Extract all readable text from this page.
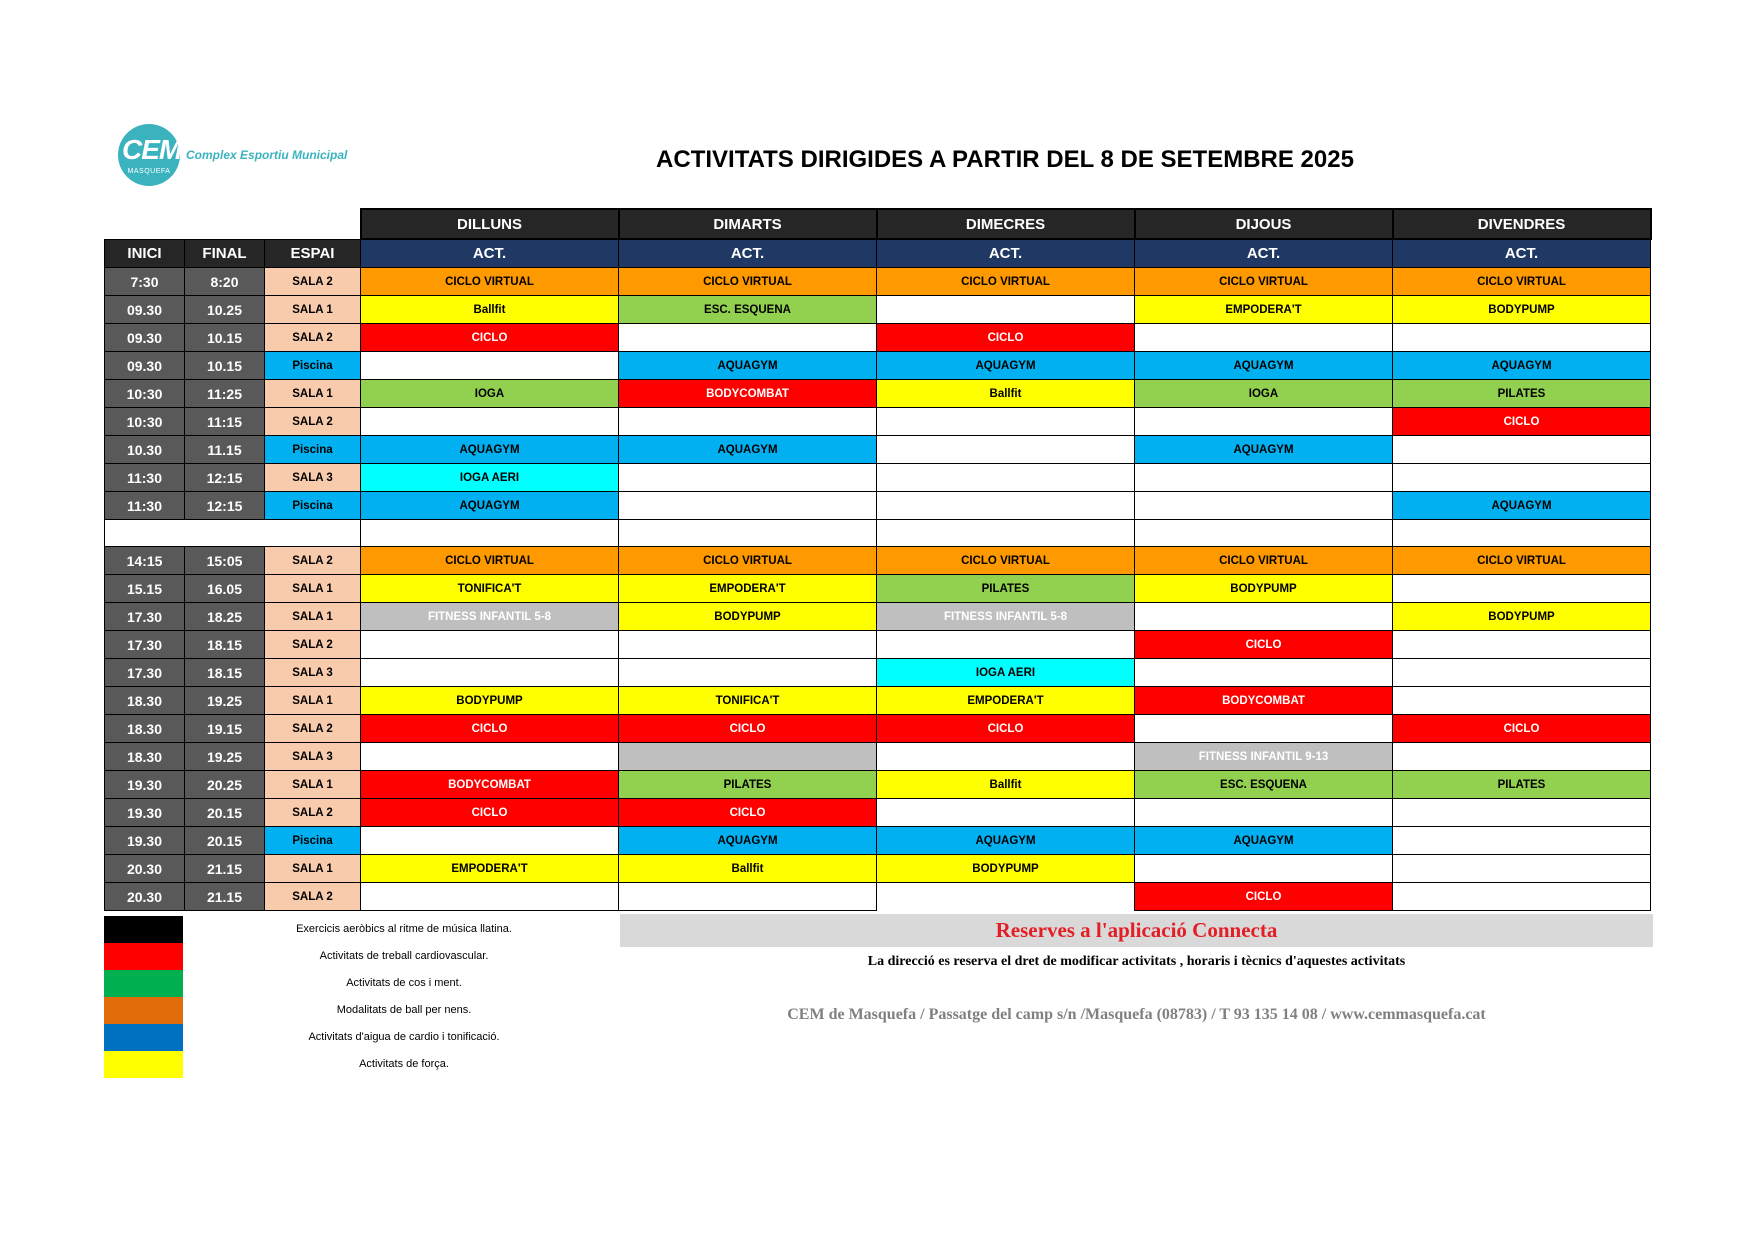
CEM
MASQUEFA
Complex Esportiu Municipal	ACTIVITATS DIRIGIDES A PARTIR DEL 8 DE SETEMBRE 2025
			DILLUNS	DIMARTS	DIMECRES	DIJOUS	DIVENDRES
INICI	FINAL	ESPAI	ACT.	ACT.	ACT.	ACT.	ACT.
7:30	8:20	SALA 2	CICLO VIRTUAL	CICLO VIRTUAL	CICLO VIRTUAL	CICLO VIRTUAL	CICLO VIRTUAL
09.30	10.25	SALA 1	Ballfit	ESC. ESQUENA		EMPODERA'T	BODYPUMP
09.30	10.15	SALA 2	CICLO		CICLO		
09.30	10.15	Piscina		AQUAGYM	AQUAGYM	AQUAGYM	AQUAGYM
10:30	11:25	SALA 1	IOGA	BODYCOMBAT	Ballfit	IOGA	PILATES
10:30	11:15	SALA 2					CICLO
10.30	11.15	Piscina	AQUAGYM	AQUAGYM		AQUAGYM	
11:30	12:15	SALA 3	IOGA AERI				
11:30	12:15	Piscina	AQUAGYM				AQUAGYM

14:15	15:05	SALA 2	CICLO VIRTUAL	CICLO VIRTUAL	CICLO VIRTUAL	CICLO VIRTUAL	CICLO VIRTUAL
15.15	16.05	SALA 1	TONIFICA'T	EMPODERA'T	PILATES	BODYPUMP	
17.30	18.25	SALA 1	FITNESS INFANTIL 5-8	BODYPUMP	FITNESS INFANTIL 5-8		BODYPUMP
17.30	18.15	SALA 2				CICLO	
17.30	18.15	SALA 3			IOGA AERI		
18.30	19.25	SALA 1	BODYPUMP	TONIFICA'T	EMPODERA'T	BODYCOMBAT	
18.30	19.15	SALA 2	CICLO	CICLO	CICLO		CICLO
18.30	19.25	SALA 3				FITNESS INFANTIL 9-13	
19.30	20.25	SALA 1	BODYCOMBAT	PILATES	Ballfit	ESC. ESQUENA	PILATES
19.30	20.15	SALA 2	CICLO	CICLO			
19.30	20.15	Piscina		AQUAGYM	AQUAGYM	AQUAGYM	
20.30	21.15	SALA 1	EMPODERA'T	Ballfit	BODYPUMP		
20.30	21.15	SALA 2				CICLO	
Exercicis aeròbics al ritme de música llatina.
Activitats de treball cardiovascular.
Activitats de cos i ment.
Modalitats de ball per nens.
Activitats d'aigua de cardio i tonificació.
Activitats de força.
Reserves a l'aplicació Connecta
La direcció es reserva el dret de modificar activitats , horaris i tècnics d'aquestes activitats
CEM de Masquefa / Passatge del camp s/n /Masquefa (08783) / T 93 135 14 08 / www.cemmasquefa.cat
